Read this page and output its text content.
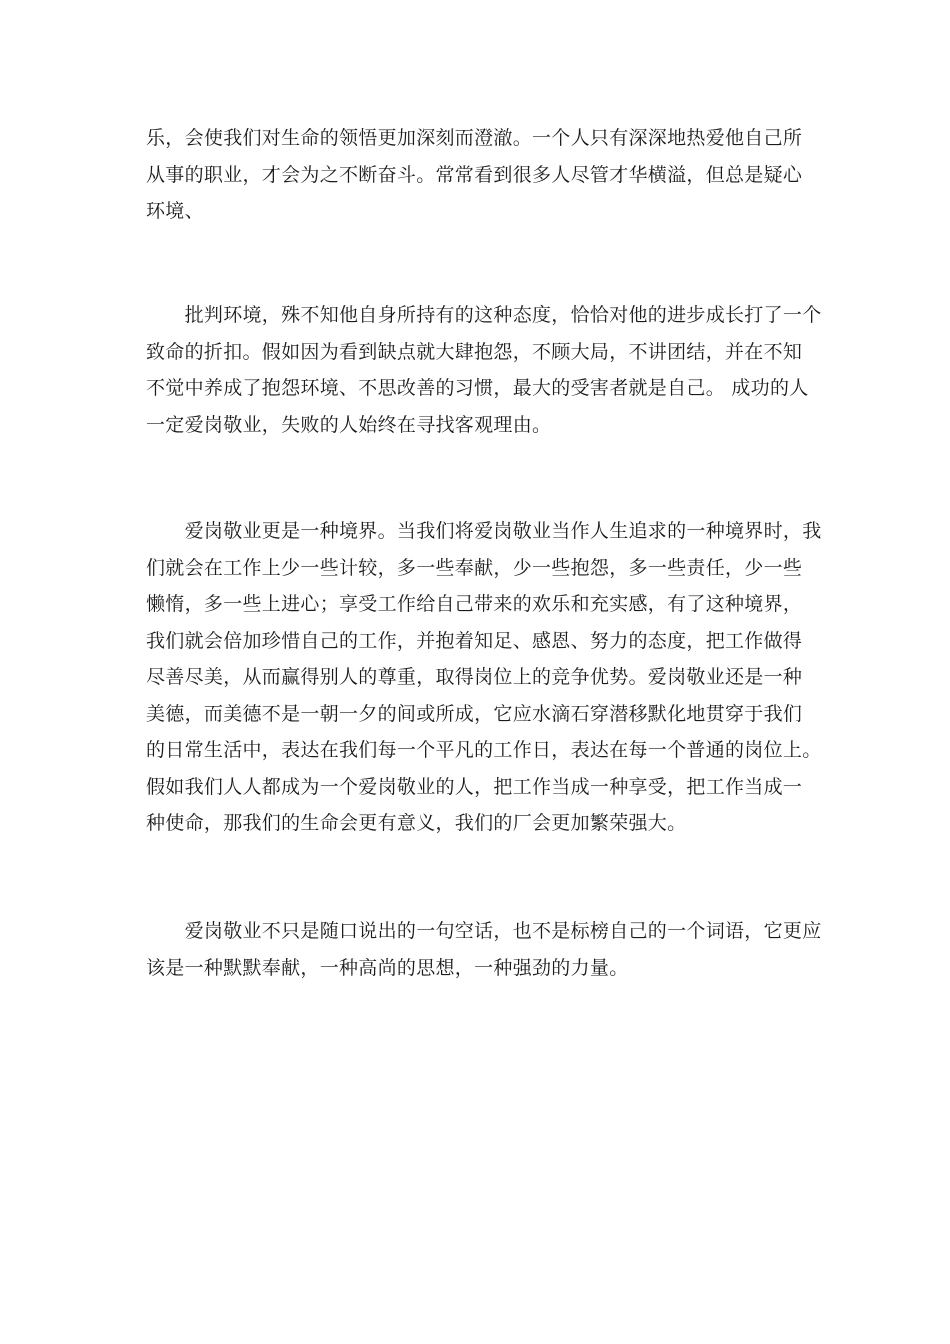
乐，会使我们对生命的领悟更加深刻而澄澈。一个人只有深深地热爱他自己所
从事的职业，才会为之不断奋斗。常常看到很多人尽管才华横溢，但总是疑心
环境、

　　批判环境，殊不知他自身所持有的这种态度，恰恰对他的进步成长打了一个
致命的折扣。假如因为看到缺点就大肆抱怨，不顾大局，不讲团结，并在不知
不觉中养成了抱怨环境、不思改善的习惯，最大的受害者就是自己。 成功的人
一定爱岗敬业，失败的人始终在寻找客观理由。

　　爱岗敬业更是一种境界。当我们将爱岗敬业当作人生追求的一种境界时，我
们就会在工作上少一些计较，多一些奉献，少一些抱怨，多一些责任，少一些
懒惰，多一些上进心；享受工作给自己带来的欢乐和充实感，有了这种境界，
我们就会倍加珍惜自己的工作，并抱着知足、感恩、努力的态度，把工作做得
尽善尽美，从而赢得别人的尊重，取得岗位上的竞争优势。爱岗敬业还是一种
美德，而美德不是一朝一夕的间或所成，它应水滴石穿潜移默化地贯穿于我们
的日常生活中，表达在我们每一个平凡的工作日，表达在每一个普通的岗位上。
假如我们人人都成为一个爱岗敬业的人，把工作当成一种享受，把工作当成一
种使命，那我们的生命会更有意义，我们的厂会更加繁荣强大。

　　爱岗敬业不只是随口说出的一句空话，也不是标榜自己的一个词语，它更应
该是一种默默奉献，一种高尚的思想，一种强劲的力量。
